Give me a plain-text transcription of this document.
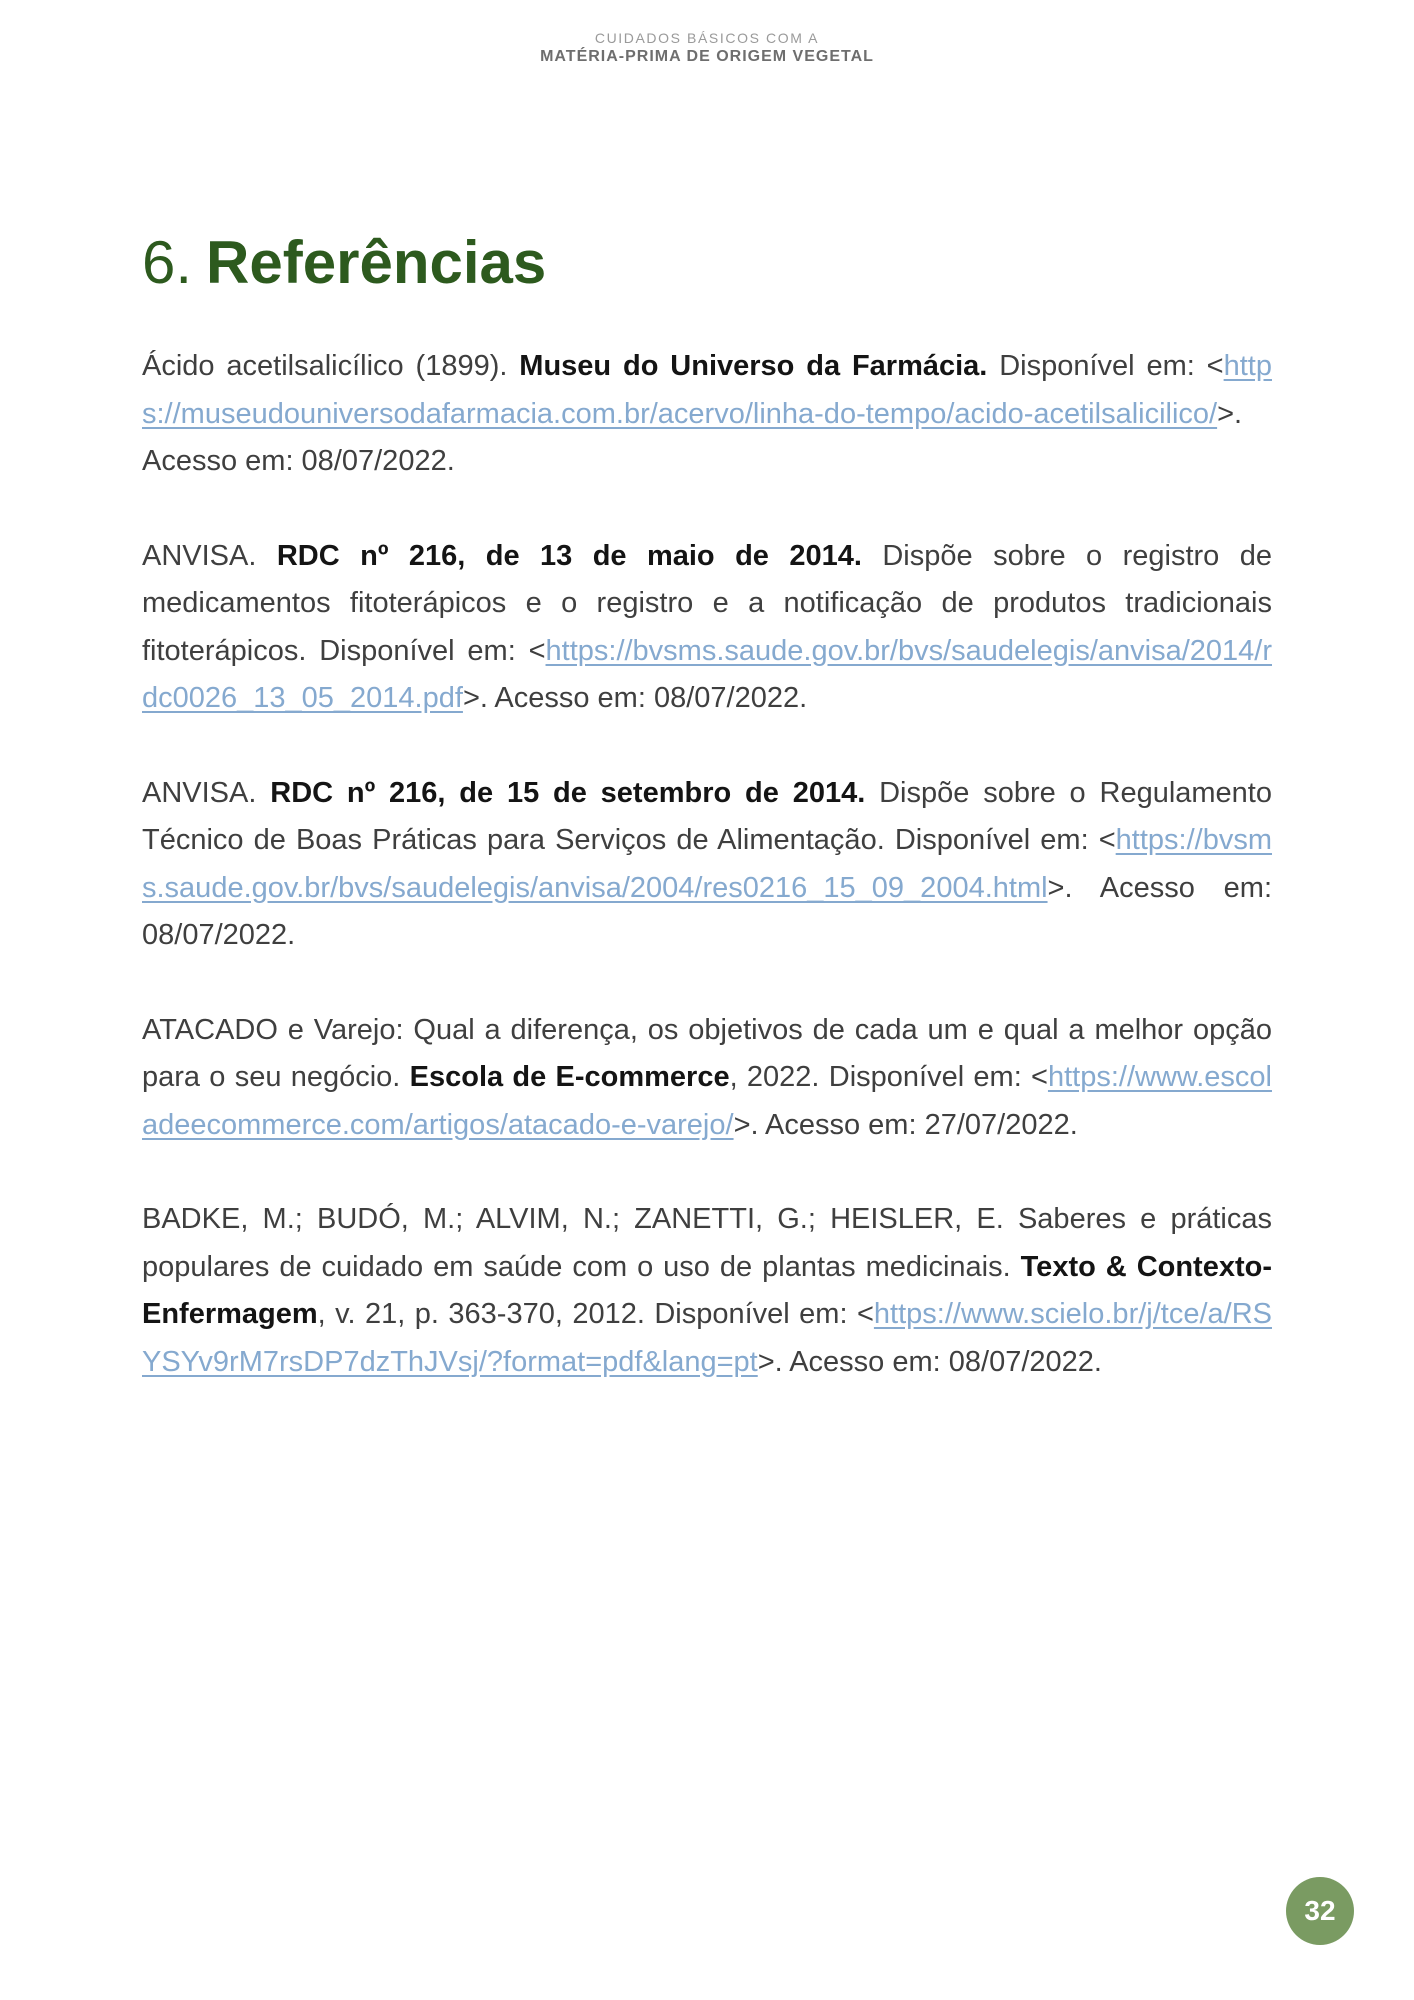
CUIDADOS BÁSICOS COM A
MATÉRIA-PRIMA DE ORIGEM VEGETAL
6. Referências

Ácido acetilsalicílico (1899). Museu do Universo da Farmácia. Disponível em: <https://museudouniversodafarmacia.com.br/acervo/linha-do-tempo/acido-acetilsalicilico/>. Acesso em: 08/07/2022.

ANVISA. RDC nº 216, de 13 de maio de 2014. Dispõe sobre o registro de medicamentos fitoterápicos e o registro e a notificação de produtos tradicionais fitoterápicos. Disponível em: <https://bvsms.saude.gov.br/bvs/saudelegis/anvisa/2014/rdc0026_13_05_2014.pdf>. Acesso em: 08/07/2022.

ANVISA. RDC nº 216, de 15 de setembro de 2014. Dispõe sobre o Regulamento Técnico de Boas Práticas para Serviços de Alimentação. Disponível em: <https://bvsms.saude.gov.br/bvs/saudelegis/anvisa/2004/res0216_15_09_2004.html>. Acesso em: 08/07/2022.

ATACADO e Varejo: Qual a diferença, os objetivos de cada um e qual a melhor opção para o seu negócio. Escola de E-commerce, 2022. Disponível em: <https://www.escoladeecommerce.com/artigos/atacado-e-varejo/>. Acesso em: 27/07/2022.

BADKE, M.; BUDÓ, M.; ALVIM, N.; ZANETTI, G.; HEISLER, E. Saberes e práticas populares de cuidado em saúde com o uso de plantas medicinais. Texto & Contexto-Enfermagem, v. 21, p. 363-370, 2012. Disponível em: <https://www.scielo.br/j/tce/a/RSYSYv9rM7rsDP7dzThJVsj/?format=pdf&lang=pt>. Acesso em: 08/07/2022.

32
